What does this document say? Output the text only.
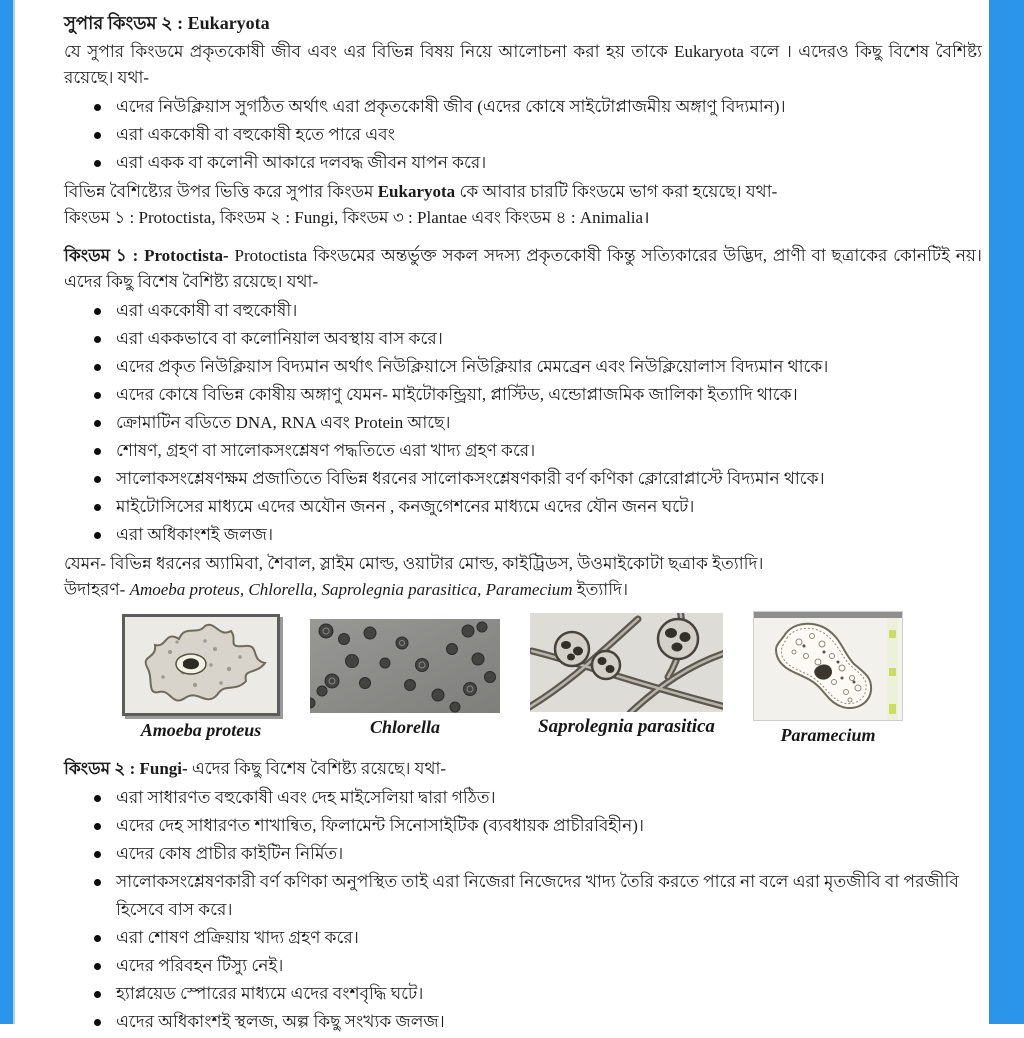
সুপার কিংডম ২ : Eukaryota

যে সুপার কিংডমে প্রকৃতকোষী জীব এবং এর বিভিন্ন বিষয় নিয়ে আলোচনা করা হয় তাকে Eukaryota বলে । এদেরও কিছু বিশেষ বৈশিষ্ট্য রয়েছে। যথা-

এদের নিউক্লিয়াস সুগঠিত অর্থাৎ এরা প্রকৃতকোষী জীব (এদের কোষে সাইটোপ্লাজমীয় অঙ্গাণু বিদ্যমান)।
এরা এককোষী বা বহুকোষী হতে পারে এবং
এরা একক বা কলোনী আকারে দলবদ্ধ জীবন যাপন করে।

বিভিন্ন বৈশিষ্ট্যের উপর ভিত্তি করে সুপার কিংডম Eukaryota কে আবার চারটি কিংডমে ভাগ করা হয়েছে। যথা-

কিংডম ১ : Protoctista, কিংডম ২ : Fungi, কিংডম ৩ : Plantae এবং কিংডম ৪ : Animalia।

কিংডম ১ : Protoctista- Protoctista কিংডমের অন্তর্ভুক্ত সকল সদস্য প্রকৃতকোষী কিন্তু সত্যিকারের উদ্ভিদ, প্রাণী বা ছত্রাকের কোনটিই নয়। এদের কিছু বিশেষ বৈশিষ্ট্য রয়েছে। যথা-

এরা এককোষী বা বহুকোষী।
এরা এককভাবে বা কলোনিয়াল অবস্থায় বাস করে।
এদের প্রকৃত নিউক্লিয়াস বিদ্যমান অর্থাৎ নিউক্লিয়াসে নিউক্লিয়ার মেমব্রেন এবং নিউক্লিয়োলাস বিদ্যমান থাকে।
এদের কোষে বিভিন্ন কোষীয় অঙ্গাণু যেমন- মাইটোকন্ড্রিয়া, প্লাস্টিড, এন্ডোপ্লাজমিক জালিকা ইত্যাদি থাকে।
ক্রোমাটিন বডিতে DNA, RNA এবং Protein আছে।
শোষণ, গ্রহণ বা সালোকসংশ্লেষণ পদ্ধতিতে এরা খাদ্য গ্রহণ করে।
সালোকসংশ্লেষণক্ষম প্রজাতিতে বিভিন্ন ধরনের সালোকসংশ্লেষণকারী বর্ণ কণিকা ক্লোরোপ্লাস্টে বিদ্যমান থাকে।
মাইটোসিসের মাধ্যমে এদের অযৌন জনন , কনজুগেশনের মাধ্যমে এদের যৌন জনন ঘটে।
এরা অধিকাংশই জলজ।

যেমন- বিভিন্ন ধরনের অ্যামিবা, শৈবাল, স্লাইম মোল্ড, ওয়াটার মোল্ড, কাইট্রিডস, উওমাইকোটা ছত্রাক ইত্যাদি।

উদাহরণ- Amoeba proteus, Chlorella, Saprolegnia parasitica, Paramecium ইত্যাদি।

Amoeba proteus	Chlorella	Saprolegnia parasitica	Paramecium

কিংডম ২ : Fungi- এদের কিছু বিশেষ বৈশিষ্ট্য রয়েছে। যথা-

এরা সাধারণত বহুকোষী এবং দেহ মাইসেলিয়া দ্বারা গঠিত।
এদের দেহ সাধারণত শাখান্বিত, ফিলামেন্ট সিনোসাইটিক (ব্যবধায়ক প্রাচীরবিহীন)।
এদের কোষ প্রাচীর কাইটিন নির্মিত।
সালোকসংশ্লেষণকারী বর্ণ কণিকা অনুপস্থিত তাই এরা নিজেরা নিজেদের খাদ্য তৈরি করতে পারে না বলে এরা মৃতজীবি বা পরজীবি হিসেবে বাস করে।
এরা শোষণ প্রক্রিয়ায় খাদ্য গ্রহণ করে।
এদের পরিবহন টিস্যু নেই।
হ্যাপ্লয়েড স্পোরের মাধ্যমে এদের বংশবৃদ্ধি ঘটে।
এদের অধিকাংশই স্থলজ, অল্প কিছু সংখ্যক জলজ।
